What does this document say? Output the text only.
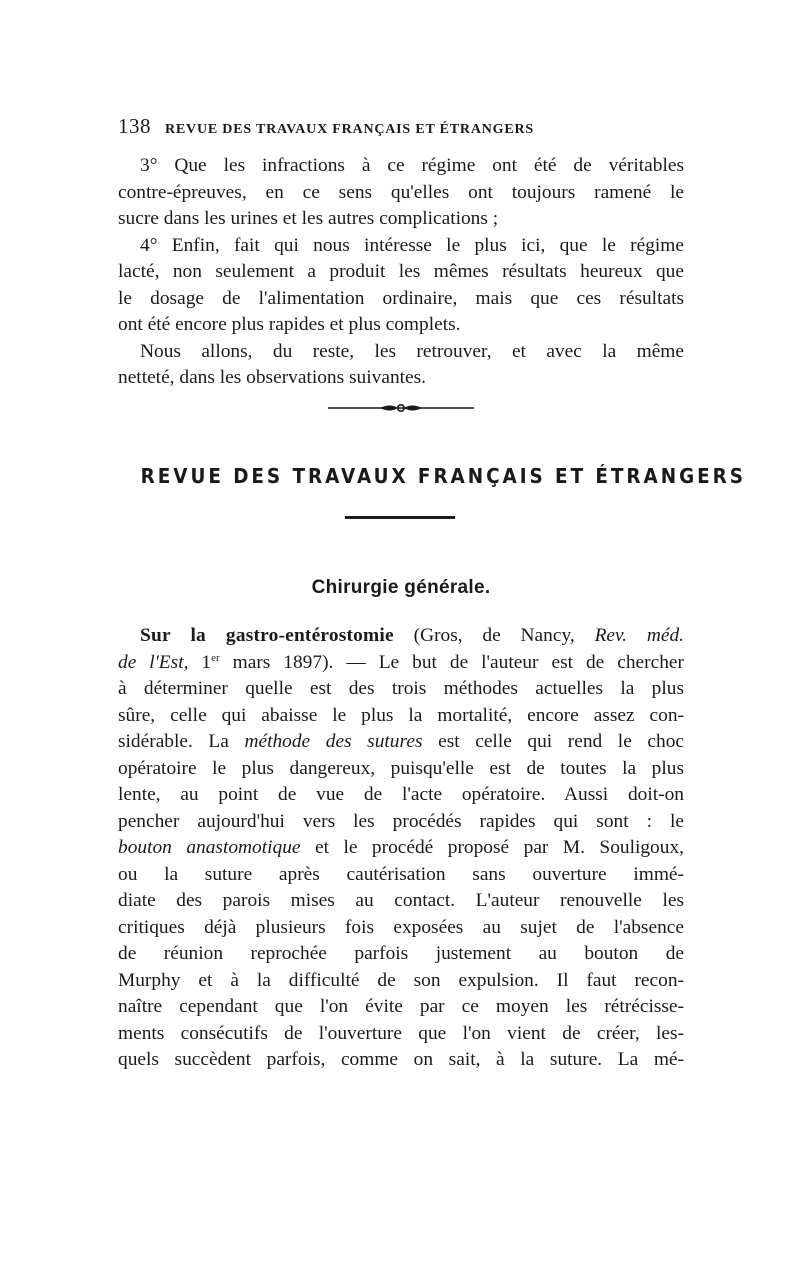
138 REVUE DES TRAVAUX FRANÇAIS ET ÉTRANGERS
3° Que les infractions à ce régime ont été de véritables
contre-épreuves, en ce sens qu'elles ont toujours ramené le
sucre dans les urines et les autres complications ;
4° Enfin, fait qui nous intéresse le plus ici, que le régime
lacté, non seulement a produit les mêmes résultats heureux que
le dosage de l'alimentation ordinaire, mais que ces résultats
ont été encore plus rapides et plus complets.
Nous allons, du reste, les retrouver, et avec la même
netteté, dans les observations suivantes.
REVUE DES TRAVAUX FRANÇAIS ET ÉTRANGERS
Chirurgie générale.
Sur la gastro-entérostomie (Gros, de Nancy, Rev. méd.
de l'Est, 1er mars 1897). — Le but de l'auteur est de chercher
à déterminer quelle est des trois méthodes actuelles la plus
sûre, celle qui abaisse le plus la mortalité, encore assez con-
sidérable. La méthode des sutures est celle qui rend le choc
opératoire le plus dangereux, puisqu'elle est de toutes la plus
lente, au point de vue de l'acte opératoire. Aussi doit-on
pencher aujourd'hui vers les procédés rapides qui sont : le
bouton anastomotique et le procédé proposé par M. Souligoux,
ou la suture après cautérisation sans ouverture immé-
diate des parois mises au contact. L'auteur renouvelle les
critiques déjà plusieurs fois exposées au sujet de l'absence
de réunion reprochée parfois justement au bouton de
Murphy et à la difficulté de son expulsion. Il faut recon-
naître cependant que l'on évite par ce moyen les rétrécisse-
ments consécutifs de l'ouverture que l'on vient de créer, les-
quels succèdent parfois, comme on sait, à la suture. La mé-
